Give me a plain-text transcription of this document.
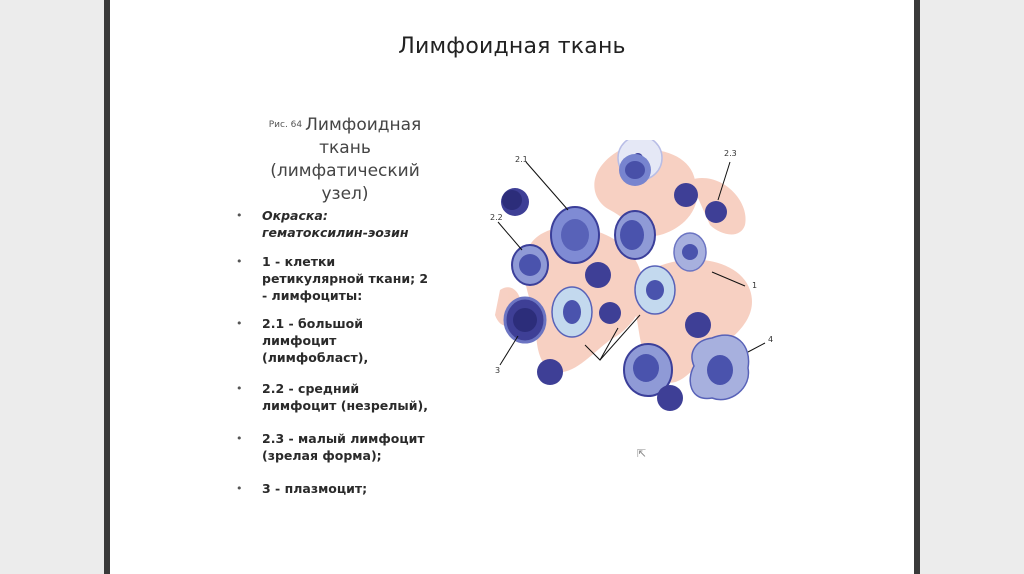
Лимфоидная ткань
Рис. 64 Лимфоидная ткань (лимфатический узел)
• Окраска: гематоксилин-эозин
• 1 - клетки ретикулярной ткани; 2 - лимфоциты:
• 2.1 - большой лимфоцит (лимфобласт),
• 2.2 - средний лимфоцит (незрелый),
• 2.3 - малый лимфоцит (зрелая форма);
• 3 - плазмоцит;
2.1
2.3
2.2
1
3
4
⇱
